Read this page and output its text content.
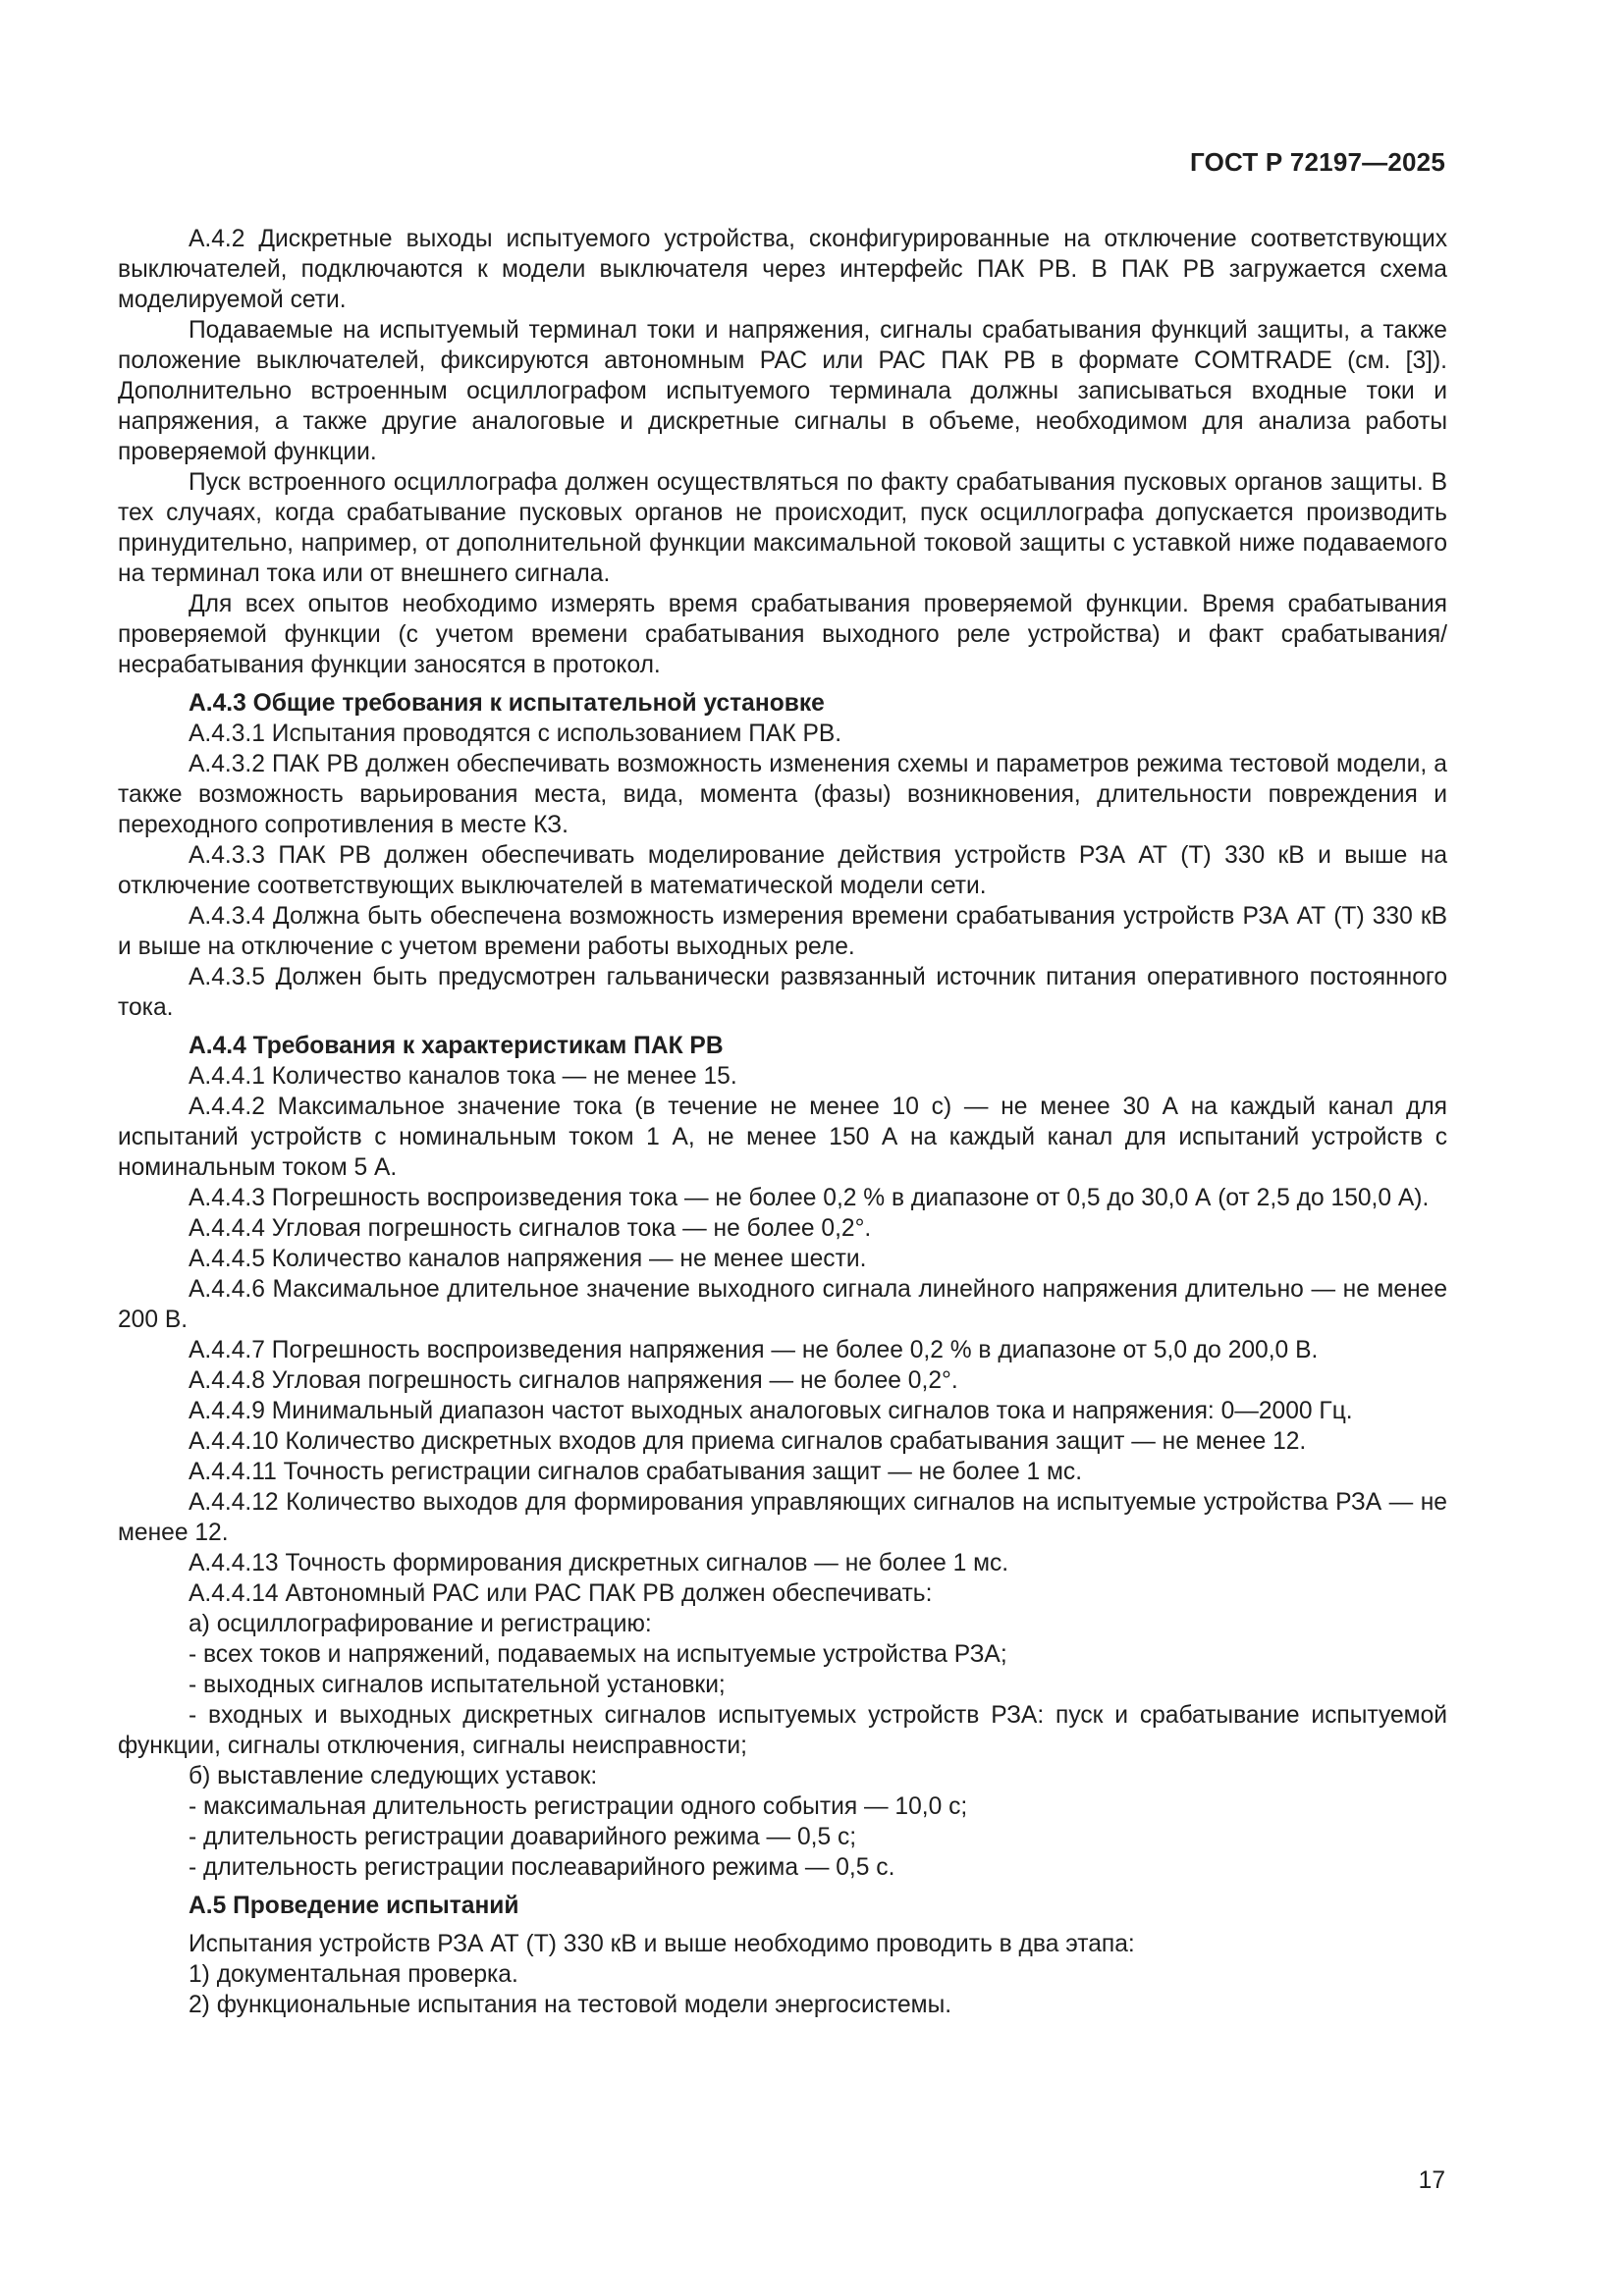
ГОСТ Р 72197—2025

А.4.2 Дискретные выходы испытуемого устройства, сконфигурированные на отключение соответствующих выключателей, подключаются к модели выключателя через интерфейс ПАК РВ. В ПАК РВ загружается схема моделируемой сети.

Подаваемые на испытуемый терминал токи и напряжения, сигналы срабатывания функций защиты, а также положение выключателей, фиксируются автономным РАС или РАС ПАК РВ в формате COMTRADE (см. [3]). Дополнительно встроенным осциллографом испытуемого терминала должны записываться входные токи и напряжения, а также другие аналоговые и дискретные сигналы в объеме, необходимом для анализа работы проверяемой функции.

Пуск встроенного осциллографа должен осуществляться по факту срабатывания пусковых органов защиты. В тех случаях, когда срабатывание пусковых органов не происходит, пуск осциллографа допускается производить принудительно, например, от дополнительной функции максимальной токовой защиты с уставкой ниже подаваемого на терминал тока или от внешнего сигнала.

Для всех опытов необходимо измерять время срабатывания проверяемой функции. Время срабатывания проверяемой функции (с учетом времени срабатывания выходного реле устройства) и факт срабатывания/несрабатывания функции заносятся в протокол.

А.4.3 Общие требования к испытательной установке

А.4.3.1 Испытания проводятся с использованием ПАК РВ.

А.4.3.2 ПАК РВ должен обеспечивать возможность изменения схемы и параметров режима тестовой модели, а также возможность варьирования места, вида, момента (фазы) возникновения, длительности повреждения и переходного сопротивления в месте КЗ.

А.4.3.3 ПАК РВ должен обеспечивать моделирование действия устройств РЗА АТ (Т) 330 кВ и выше на отключение соответствующих выключателей в математической модели сети.

А.4.3.4 Должна быть обеспечена возможность измерения времени срабатывания устройств РЗА АТ (Т) 330 кВ и выше на отключение с учетом времени работы выходных реле.

А.4.3.5 Должен быть предусмотрен гальванически развязанный источник питания оперативного постоянного тока.

А.4.4 Требования к характеристикам ПАК РВ

А.4.4.1 Количество каналов тока — не менее 15.

А.4.4.2 Максимальное значение тока (в течение не менее 10 с) — не менее 30 А на каждый канал для испытаний устройств с номинальным током 1 А, не менее 150 А на каждый канал для испытаний устройств с номинальным током 5 А.

А.4.4.3 Погрешность воспроизведения тока — не более 0,2 % в диапазоне от 0,5 до 30,0 А (от 2,5 до 150,0 А).

А.4.4.4 Угловая погрешность сигналов тока — не более 0,2°.

А.4.4.5 Количество каналов напряжения — не менее шести.

А.4.4.6 Максимальное длительное значение выходного сигнала линейного напряжения длительно — не менее 200 В.

А.4.4.7 Погрешность воспроизведения напряжения — не более 0,2 % в диапазоне от 5,0 до 200,0 В.

А.4.4.8 Угловая погрешность сигналов напряжения — не более 0,2°.

А.4.4.9 Минимальный диапазон частот выходных аналоговых сигналов тока и напряжения: 0—2000 Гц.

А.4.4.10 Количество дискретных входов для приема сигналов срабатывания защит — не менее 12.

А.4.4.11 Точность регистрации сигналов срабатывания защит — не более 1 мс.

А.4.4.12 Количество выходов для формирования управляющих сигналов на испытуемые устройства РЗА — не менее 12.

А.4.4.13 Точность формирования дискретных сигналов — не более 1 мс.

А.4.4.14 Автономный РАС или РАС ПАК РВ должен обеспечивать:

а) осциллографирование и регистрацию:

- всех токов и напряжений, подаваемых на испытуемые устройства РЗА;

- выходных сигналов испытательной установки;

- входных и выходных дискретных сигналов испытуемых устройств РЗА: пуск и срабатывание испытуемой функции, сигналы отключения, сигналы неисправности;

б) выставление следующих уставок:

- максимальная длительность регистрации одного события — 10,0 с;

- длительность регистрации доаварийного режима — 0,5 с;

- длительность регистрации послеаварийного режима — 0,5 с.

А.5 Проведение испытаний

Испытания устройств РЗА АТ (Т) 330 кВ и выше необходимо проводить в два этапа:

1) документальная проверка.

2) функциональные испытания на тестовой модели энергосистемы.

17
